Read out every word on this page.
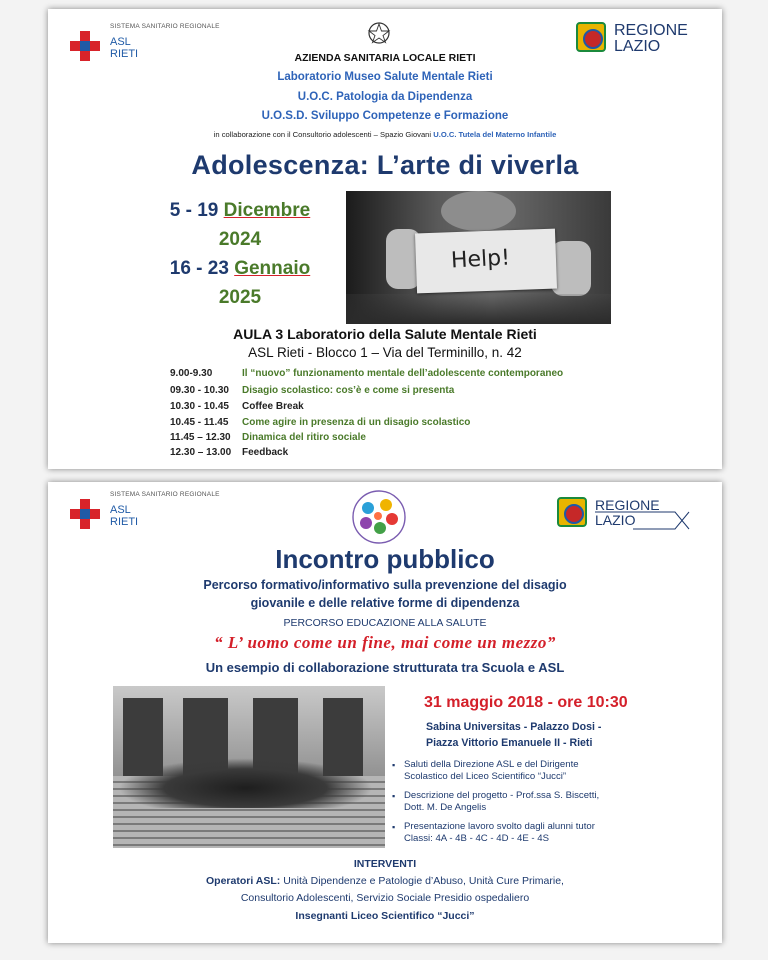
SISTEMA SANITARIO REGIONALE
ASL
RIETI
REGIONE
LAZIO
AZIENDA SANITARIA LOCALE RIETI
Laboratorio Museo Salute Mentale Rieti
U.O.C. Patologia da Dipendenza
U.O.S.D. Sviluppo Competenze e Formazione
in collaborazione con il Consultorio adolescenti – Spazio Giovani U.O.C. Tutela del Materno Infantile
Adolescenza: L’arte di viverla
5 - 19 Dicembre
2024
16 - 23 Gennaio
2025
Help!
AULA 3 Laboratorio della Salute Mentale Rieti
ASL Rieti - Blocco 1 – Via del Terminillo, n. 42
9.00-9.30	Il “nuovo” funzionamento mentale dell’adolescente contemporaneo
09.30 - 10.30 Disagio scolastico: cos’è e come si presenta
10.30 - 10.45 Coffee Break
10.45 - 11.45 Come agire in presenza di un disagio scolastico
11.45 – 12.30 Dinamica del ritiro sociale
12.30 – 13.00 Feedback
SISTEMA SANITARIO REGIONALE
ASL
RIETI
REGIONE
LAZIO
Incontro pubblico
Percorso formativo/informativo sulla prevenzione del disagio
giovanile e delle relative forme di dipendenza
PERCORSO EDUCAZIONE ALLA SALUTE
“ L’ uomo come un fine, mai come un mezzo”
Un esempio di collaborazione strutturata tra Scuola e ASL
31 maggio 2018 - ore 10:30
Sabina Universitas - Palazzo Dosi -
Piazza Vittorio Emanuele II - Rieti
▪ Saluti della Direzione ASL e del Dirigente
Scolastico del Liceo Scientifico “Jucci”
▪ Descrizione del progetto - Prof.ssa S. Biscetti,
Dott. M. De Angelis
▪ Presentazione lavoro svolto dagli alunni tutor
Classi: 4A - 4B - 4C - 4D - 4E - 4S
INTERVENTI
Operatori ASL: Unità Dipendenze e Patologie d’Abuso, Unità Cure Primarie,
Consultorio Adolescenti, Servizio Sociale Presidio ospedaliero
Insegnanti Liceo Scientifico “Jucci”
